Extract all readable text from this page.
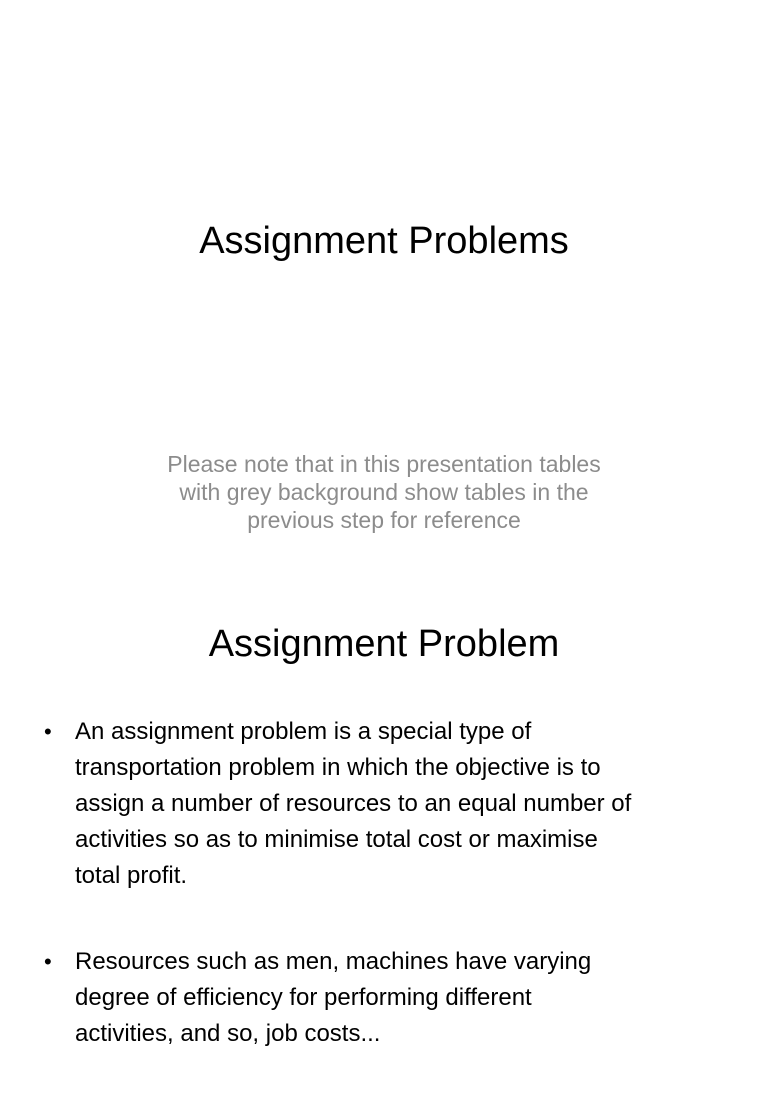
Assignment Problems
Please note that in this presentation tables
with grey background show tables in the
previous step for reference
Assignment Problem
• An assignment problem is a special type of
transportation problem in which the objective is to
assign a number of resources to an equal number of
activities so as to minimise total cost or maximise
total profit.
• Resources such as men, machines have varying
degree of efficiency for performing different
activities, and so, job costs...
